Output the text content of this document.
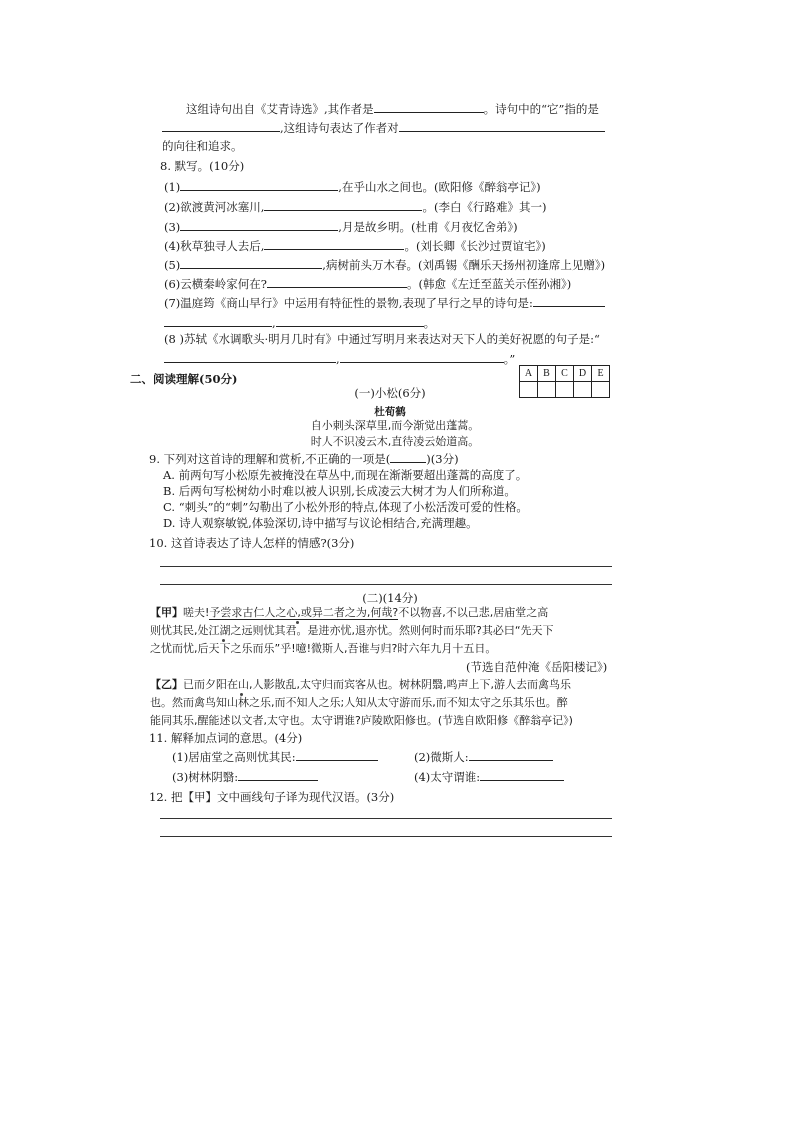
这组诗句出自《艾青诗选》,其作者是	。诗句中的“它”指的是
,这组诗句表达了作者对
的向往和追求。
8. 默写。(10分)
(1)	,在乎山水之间也。(欧阳修《醉翁亭记》)
(2)欲渡黄河冰塞川,	。(李白《行路难》其一)
(3)	,月是故乡明。(杜甫《月夜忆舍弟》)
(4)秋草独寻人去后,	。(刘长卿《长沙过贾谊宅》)
(5)	,病树前头万木春。(刘禹锡《酬乐天扬州初逢席上见赠》)
(6)云横秦岭家何在?	。(韩愈《左迁至蓝关示侄孙湘》)
(7)温庭筠《商山早行》中运用有特征性的景物,表现了早行之早的诗句是:
,	。
(8 )苏轼《水调歌头·明月几时有》中通过写明月来表达对天下人的美好祝愿的句子是:“
,	。”
二、阅读理解(50分)	A	B	C	D	E

(一)小松(6分)
杜荀鹤
自小刺头深草里,而今渐觉出蓬蒿。
时人不识凌云木,直待凌云始道高。
9. 下列对这首诗的理解和赏析,不正确的一项是(	)(3分)
A. 前两句写小松原先被掩没在草丛中,而现在渐渐要超出蓬蒿的高度了。
B. 后两句写松树幼小时难以被人识别,长成凌云大树才为人们所称道。
C. “刺头”的“刺”勾勒出了小松外形的特点,体现了小松活泼可爱的性格。
D. 诗人观察敏锐,体验深切,诗中描写与议论相结合,充满理趣。
10. 这首诗表达了诗人怎样的情感?(3分)
(二)(14分)
【甲】嗟夫!予尝求古仁人之心,或异二者之为,何哉?不以物喜,不以己悲,居庙堂之高
则忧其民,处江湖之远则忧其君。是进亦忧,退亦忧。然则何时而乐耶?其必曰“先天下
之忧而忧,后天下之乐而乐”乎!噫!微斯人,吾谁与归?时六年九月十五日。
(节选自范仲淹《岳阳楼记》)
【乙】已而夕阳在山,人影散乱,太守归而宾客从也。树林阴翳,鸣声上下,游人去而禽鸟乐
也。然而禽鸟知山林之乐,而不知人之乐;人知从太守游而乐,而不知太守之乐其乐也。醉
能同其乐,醒能述以文者,太守也。太守谓谁?庐陵欧阳修也。(节选自欧阳修《醉翁亭记》)
11. 解释加点词的意思。(4分)
(1)居庙堂之高则忧其民:	(2)微斯人:
(3)树林阴翳:	(4)太守谓谁:
12. 把【甲】文中画线句子译为现代汉语。(3分)
